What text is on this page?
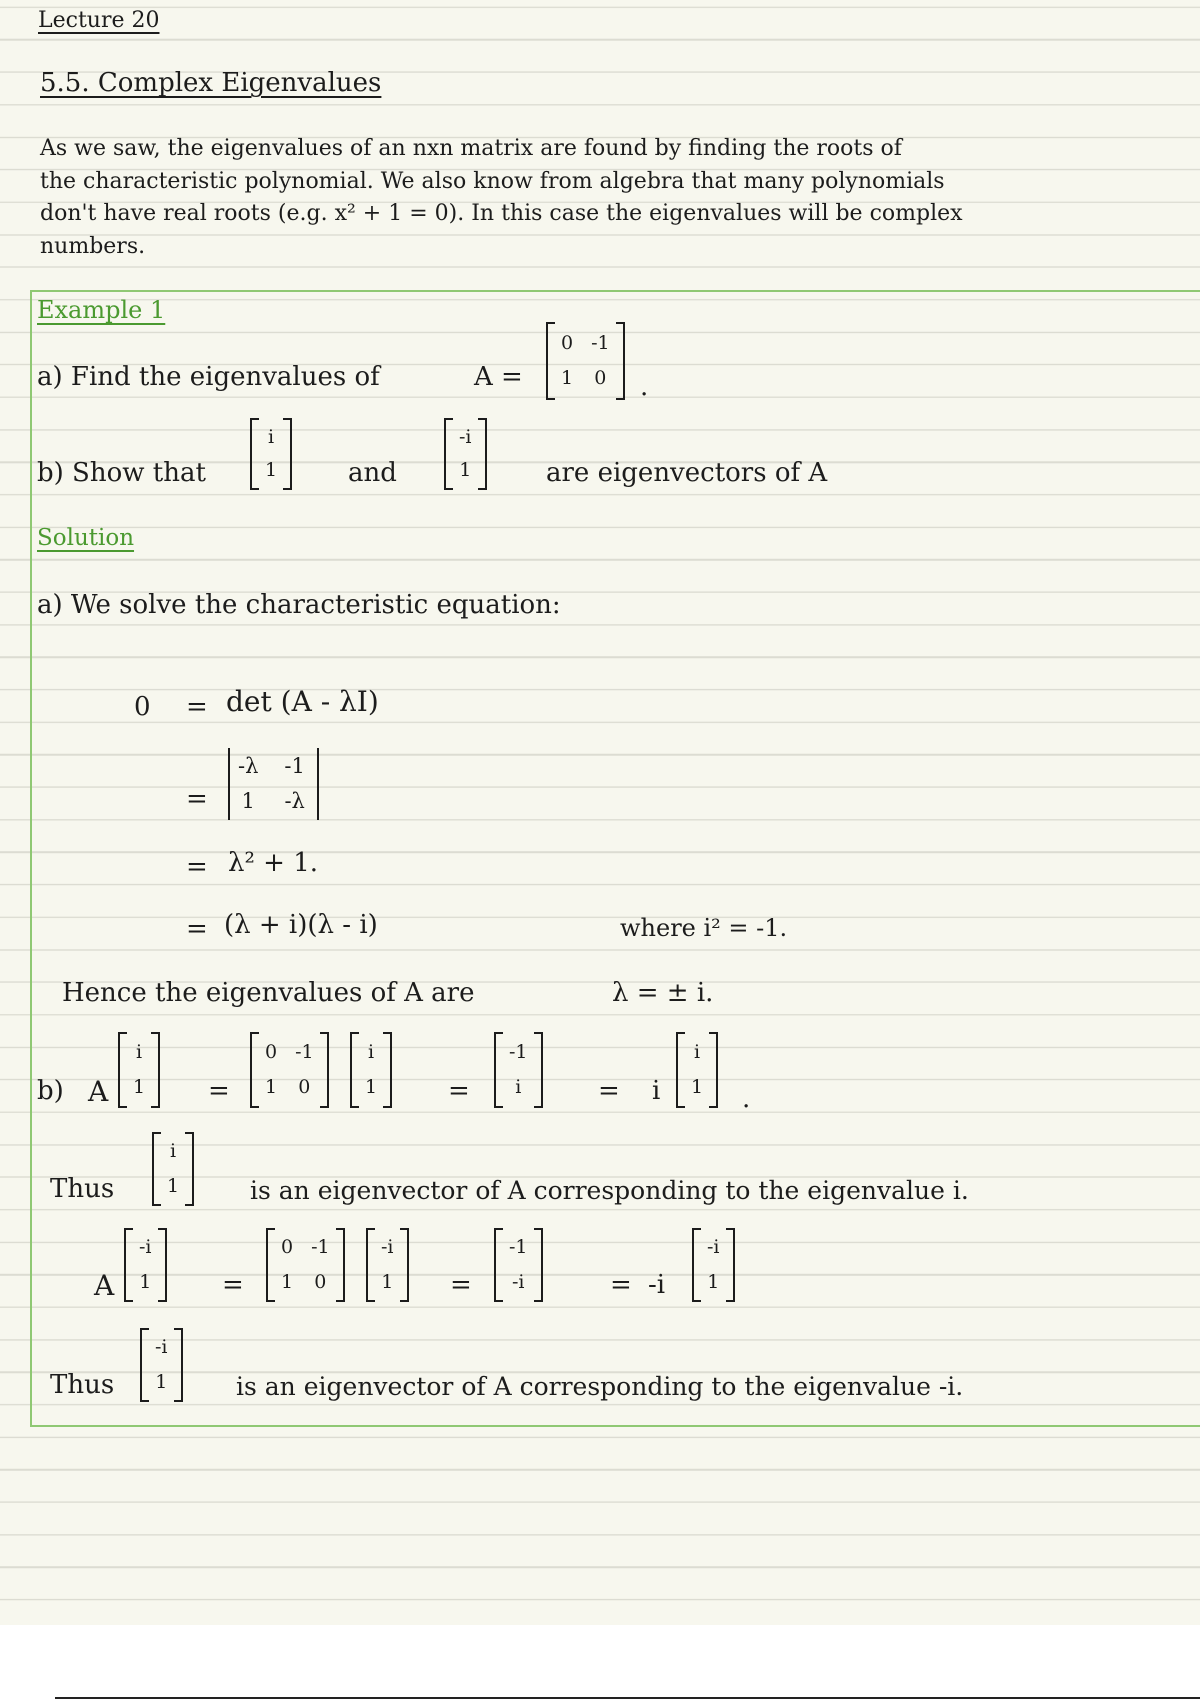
Lecture 20
5.5. Complex Eigenvalues
As we saw, the eigenvalues of an nxn matrix are found by finding the roots of
the characteristic polynomial. We also know from algebra that many polynomials
don't have real roots (e.g. x² + 1 = 0). In this case the eigenvalues will be complex
numbers.
Example 1
a) Find the eigenvalues of	A =
0 -1
1 0 .
b) Show that
i
1	and
-i
1	are eigenvectors of A
Solution
a) We solve the characteristic equation:
0 = det (A - λI)
=
-λ -1
1 -λ
= λ² + 1.
= (λ + i)(λ - i)	where i² = -1.
Hence the eigenvalues of A are	λ = ± i.
b) A
i
1 =
0 -1
1 0
i
1	=
-1
i	= i
i
1 .
Thus
i
1	is an eigenvector of A corresponding to the eigenvalue i.
A
-i
1	=
0 -1
1 0
-i
1 =
-1
-i	= -i
-i
1
Thus
-i
1	is an eigenvector of A corresponding to the eigenvalue -i.
